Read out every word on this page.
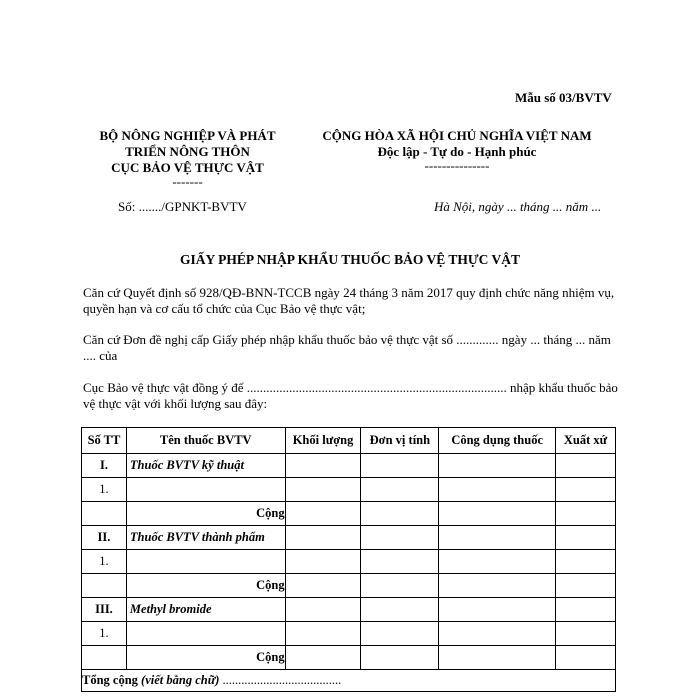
Mẫu số 03/BVTV
BỘ NÔNG NGHIỆP VÀ PHÁT
TRIỂN NÔNG THÔN
CỤC BẢO VỆ THỰC VẬT
-------
Số: ......./GPNKT-BVTV
CỘNG HÒA XÃ HỘI CHỦ NGHĨA VIỆT NAM
Độc lập - Tự do - Hạnh phúc
---------------
Hà Nội, ngày ... tháng ... năm ...
GIẤY PHÉP NHẬP KHẨU THUỐC BẢO VỆ THỰC VẬT
Căn cứ Quyết định số 928/QĐ-BNN-TCCB ngày 24 tháng 3 năm 2017 quy định chức năng nhiệm vụ, quyền hạn và cơ cấu tổ chức của Cục Bảo vệ thực vật;
Căn cứ Đơn đề nghị cấp Giấy phép nhập khẩu thuốc bảo vệ thực vật số ............. ngày ... tháng ... năm .... của
Cục Bảo vệ thực vật đồng ý để ................................................................................ nhập khẩu thuốc bảo vệ thực vật với khối lượng sau đây:
Số TT	Tên thuốc BVTV	Khối lượng	Đơn vị tính	Công dụng thuốc	Xuất xứ
I.	Thuốc BVTV kỹ thuật				
1.					
	Cộng				
II.	Thuốc BVTV thành phẩm				
1.					
	Cộng				
III.	Methyl bromide				
1.					
	Cộng				
Tổng cộng (viết bằng chữ) ......................................					
